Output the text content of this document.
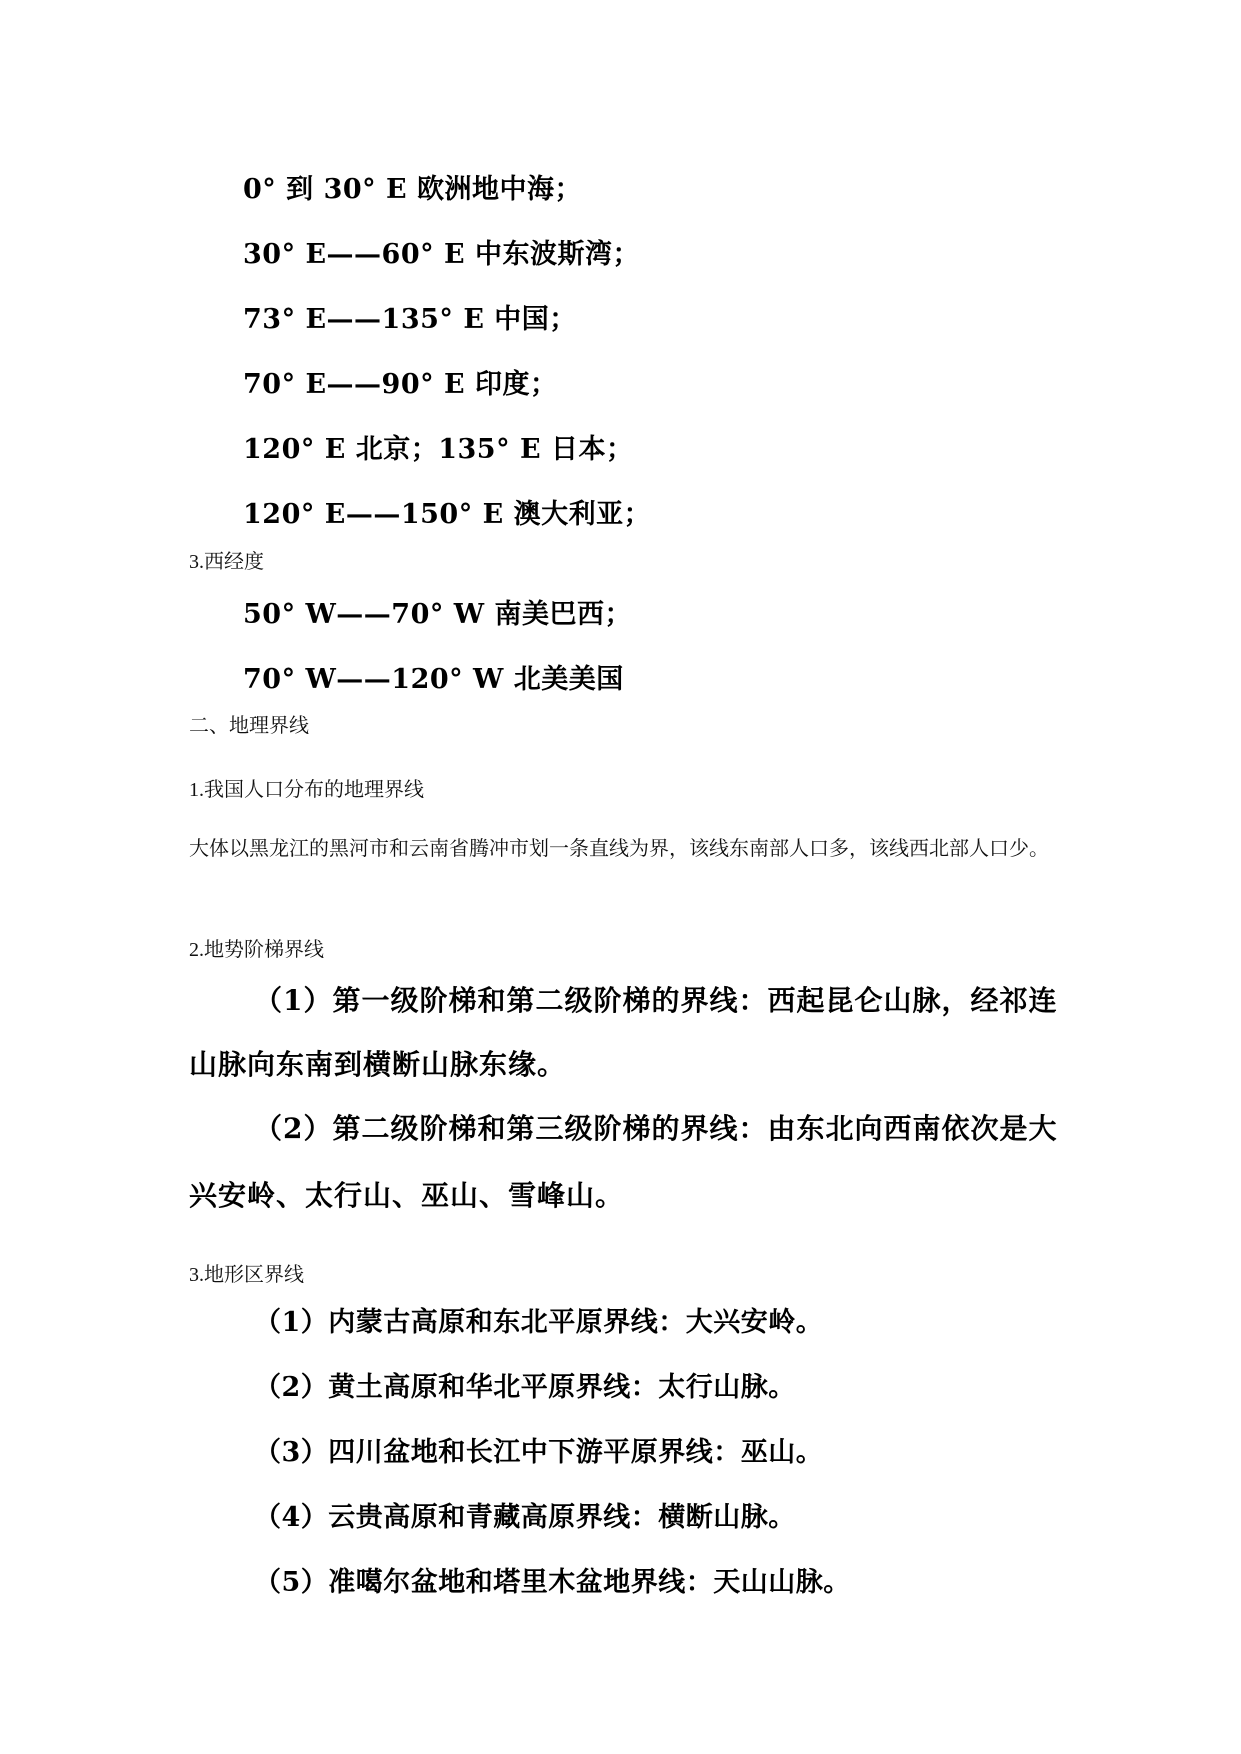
0° 到 30° E 欧洲地中海；

30° E——60° E 中东波斯湾；

73° E——135° E 中国；

70° E——90° E 印度；

120° E 北京；135° E 日本；

120° E——150° E 澳大利亚；

3.西经度

50° W——70° W 南美巴西；

70° W——120° W 北美美国

二、地理界线

1.我国人口分布的地理界线

大体以黑龙江的黑河市和云南省腾冲市划一条直线为界，该线东南部人口多，该线西北部人口少。

2.地势阶梯界线

（1）第一级阶梯和第二级阶梯的界线：西起昆仑山脉，经祁连

山脉向东南到横断山脉东缘。

（2）第二级阶梯和第三级阶梯的界线：由东北向西南依次是大

兴安岭、太行山、巫山、雪峰山。

3.地形区界线

（1）内蒙古高原和东北平原界线：大兴安岭。

（2）黄土高原和华北平原界线：太行山脉。

（3）四川盆地和长江中下游平原界线：巫山。

（4）云贵高原和青藏高原界线：横断山脉。

（5）准噶尔盆地和塔里木盆地界线：天山山脉。
